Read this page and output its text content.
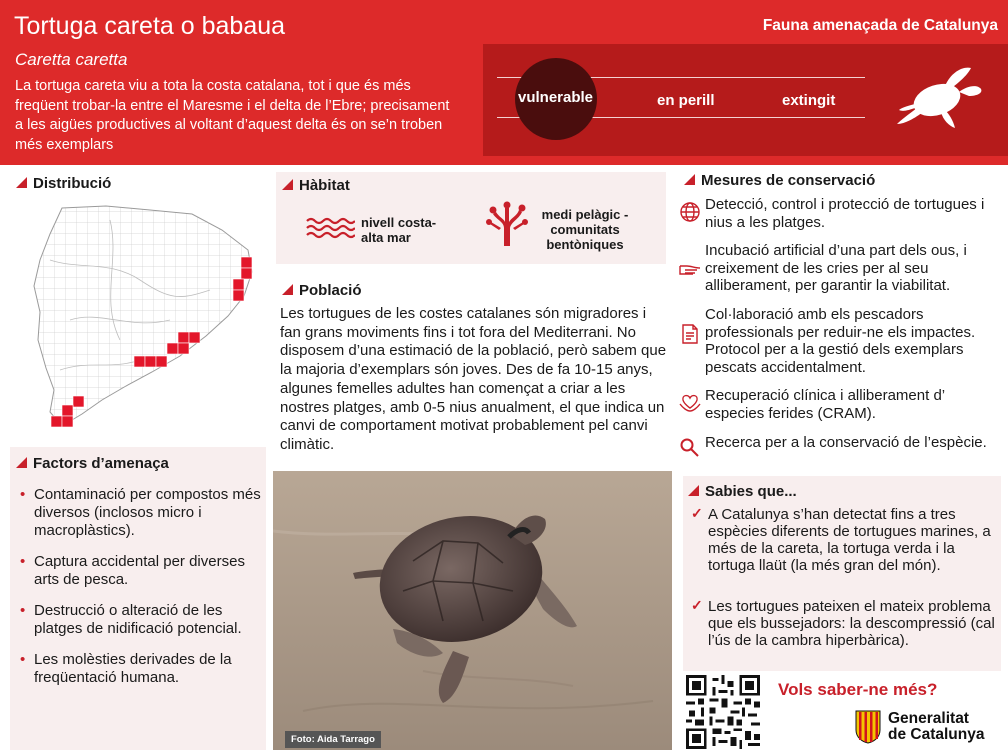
Tortuga careta o babaua
Caretta caretta
La tortuga careta viu a tota la costa catalana, tot i que és més freqüent trobar-la entre el Maresme i el delta de l’Ebre; precisament a les aigües productives al voltant d’aquest delta és on se’n troben més exemplars
Fauna amenaçada de Catalunya
vulnerable	en perill	extingit
Distribució
Factors d’amenaça
• Contaminació per compostos més diversos (inclosos micro i macroplàstics).
• Captura accidental per diverses arts de pesca.
• Destrucció o alteració de les platges de nidificació potencial.
• Les molèsties derivades de la freqüentació humana.
Hàbitat
nivell costa-
alta mar
medi pelàgic -
comunitats
bentòniques
Població
Les tortugues de les costes catalanes són migradores i fan grans moviments fins i tot fora del Mediterrani. No disposem d’una estimació de la població, però sabem que la majoria d’exemplars són joves. Des de fa 10-15 anys, algunes femelles adultes han començat a criar a les nostres platges, amb 0-5 nius anualment, el que indica un canvi de comportament motivat probablement pel canvi climàtic.
Foto: Aida Tarrago
Mesures de conservació
Detecció, control i protecció de tortugues i nius a les platges.
Incubació artificial d’una part dels ous, i creixement de les cries per al seu alliberament, per garantir la viabilitat.
Col·laboració amb els pescadors professionals per reduir-ne els impactes. Protocol per a la gestió dels exemplars pescats accidentalment.
Recuperació clínica i alliberament d’ especies ferides (CRAM).
Recerca per a la conservació de l’espècie.
Sabies que...
✓ A Catalunya s’han detectat fins a tres espècies diferents de tortugues marines, a més de la careta, la tortuga verda i la tortuga llaüt (la més gran del món).
✓ Les tortugues pateixen el mateix problema que els bussejadors: la descompressió (cal l’ús de la cambra hiperbàrica).
Vols saber-ne més?
Generalitat
de Catalunya
